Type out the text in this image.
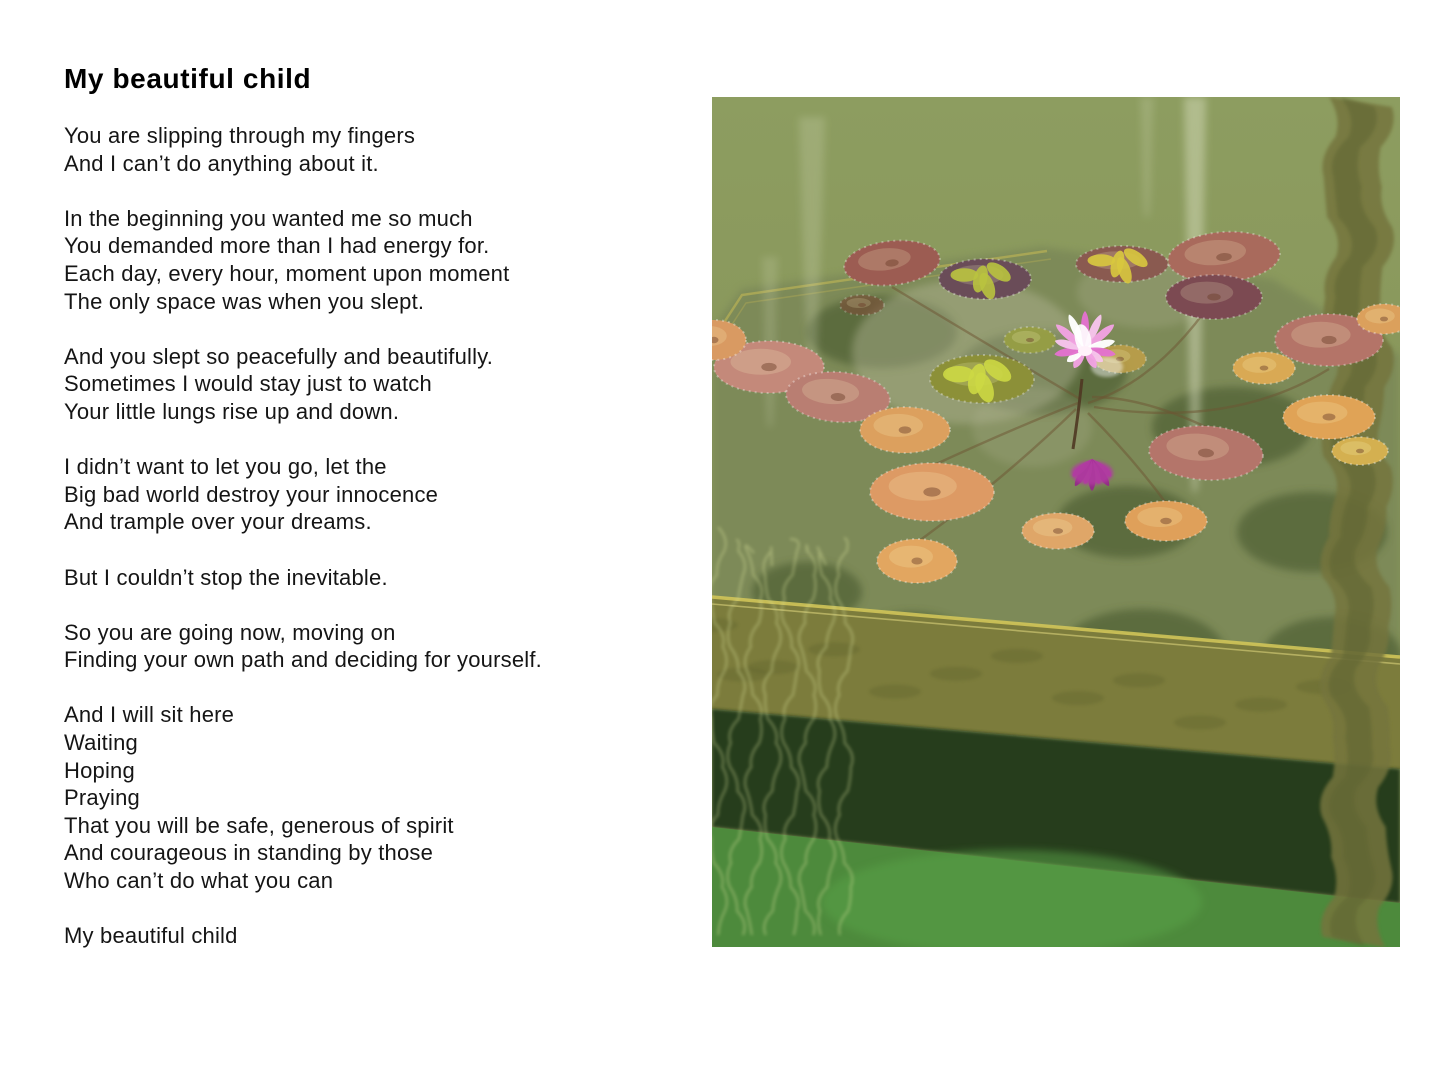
My beautiful child
You are slipping through my fingers
And I can’t do anything about it.
In the beginning you wanted me so much
You demanded more than I had energy for.
Each day, every hour, moment upon moment
The only space was when you slept.
And you slept so peacefully and beautifully.
Sometimes I would stay just to watch
Your little lungs rise up and down.
I didn’t want to let you go, let the
Big bad world destroy your innocence
And trample over your dreams.
But I couldn’t stop the inevitable.
So you are going now, moving on
Finding your own path and deciding for yourself.
And I will sit here
Waiting
Hoping
Praying
That you will be safe, generous of spirit
And courageous in standing by those
Who can’t do what you can
My beautiful child
